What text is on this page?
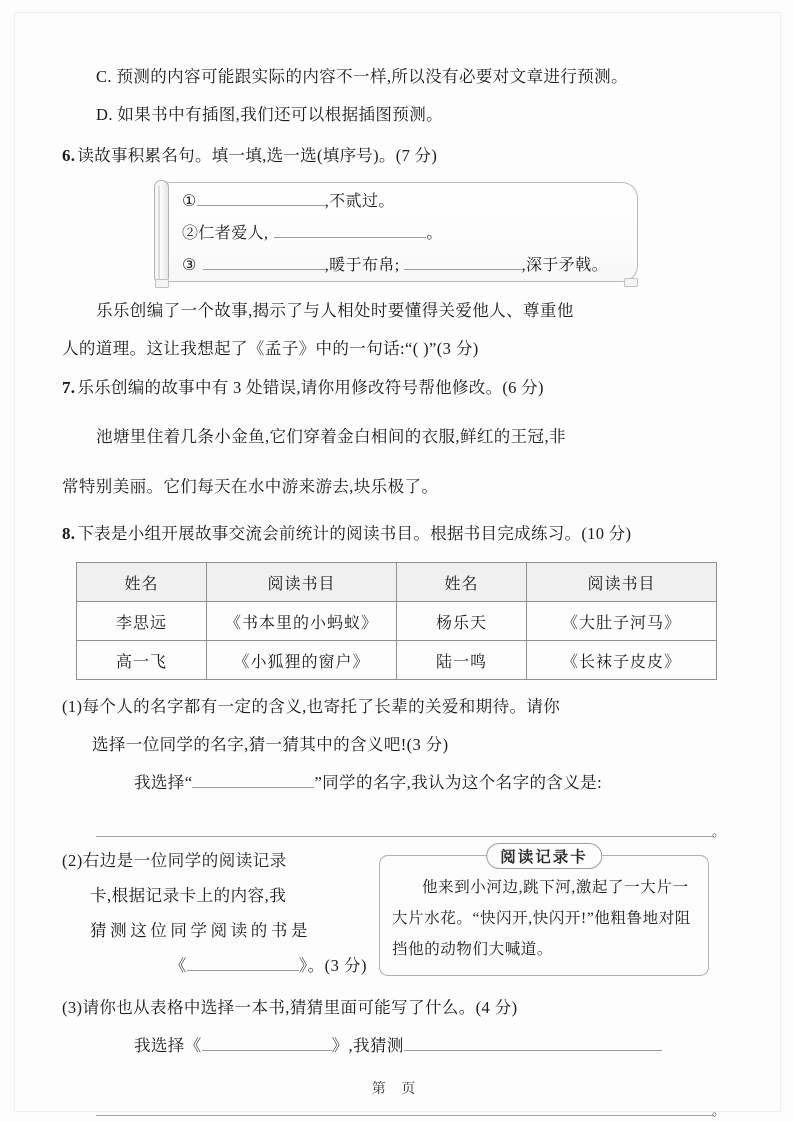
C. 预测的内容可能跟实际的内容不一样,所以没有必要对文章进行预测。
D. 如果书中有插图,我们还可以根据插图预测。
6. 读故事积累名句。填一填,选一选(填序号)。(7 分)
①	,不贰过。
②仁者爱人,	。
③	,暖于布帛;	,深于矛戟。
乐乐创编了一个故事,揭示了与人相处时要懂得关爱他人、尊重他
人的道理。这让我想起了《孟子》中的一句话:“( )”(3 分)
7. 乐乐创编的故事中有 3 处错误,请你用修改符号帮他修改。(6 分)
池塘里住着几条小金鱼,它们穿着金白相间的衣服,鲜红的王冠,非
常特别美丽。它们每天在水中游来游去,块乐极了。
8. 下表是小组开展故事交流会前统计的阅读书目。根据书目完成练习。(10 分)
姓名	阅读书目	姓名	阅读书目
李思远	《书本里的小蚂蚁》	杨乐天	《大肚子河马》
高一飞	《小狐狸的窗户》	陆一鸣	《长袜子皮皮》
(1)每个人的名字都有一定的含义,也寄托了长辈的关爱和期待。请你
选择一位同学的名字,猜一猜其中的含义吧!(3 分)
我选择“	”同学的名字,我认为这个名字的含义是:
。
(2)右边是一位同学的阅读记录
卡,根据记录卡上的内容,我
猜测这位同学阅读的书是
《	》。(3 分)
阅读记录卡
他来到小河边,跳下河,激起了一大片一大片水花。“快闪开,快闪开!”他粗鲁地对阻挡他的动物们大喊道。
(3)请你也从表格中选择一本书,猜猜里面可能写了什么。(4 分)
我选择《	》,我猜测
。
第 页
